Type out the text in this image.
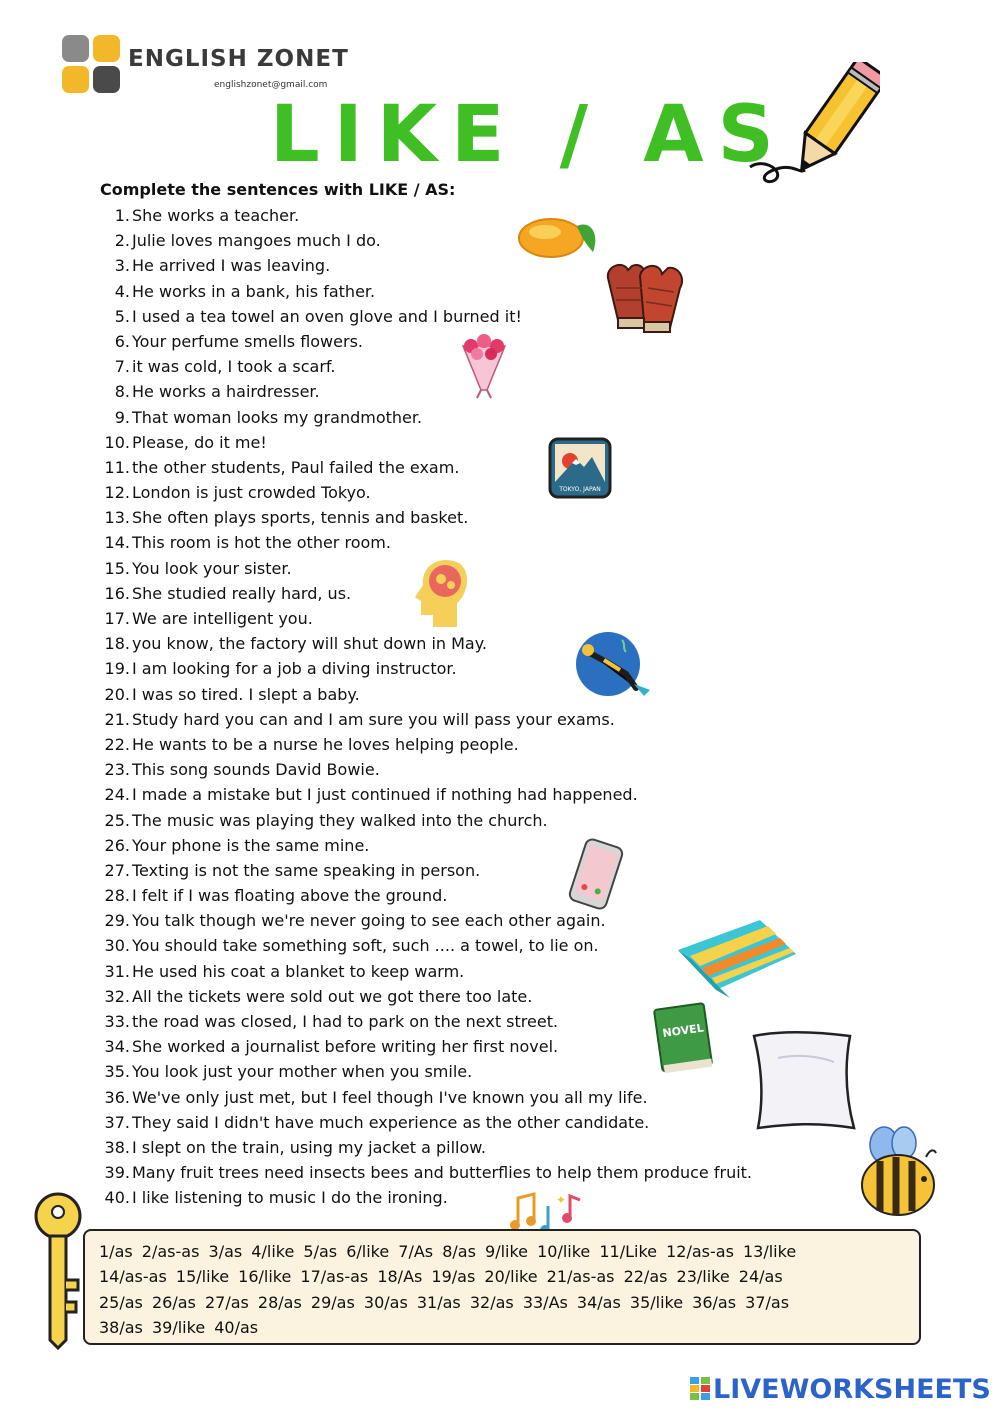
ENGLISH ZONET
englishzonet@gmail.com
LIKE / AS
Complete the sentences with LIKE / AS:
1. She works a teacher.
2. Julie loves mangoes much I do.
3. He arrived I was leaving.
4. He works in a bank, his father.
5. I used a tea towel an oven glove and I burned it!
6. Your perfume smells flowers.
7. it was cold, I took a scarf.
8. He works a hairdresser.
9. That woman looks my grandmother.
10. Please, do it me!
11. the other students, Paul failed the exam.
12. London is just crowded Tokyo.
13. She often plays sports, tennis and basket.
14. This room is hot the other room.
15. You look your sister.
16. She studied really hard, us.
17. We are intelligent you.
18. you know, the factory will shut down in May.
19. I am looking for a job a diving instructor.
20. I was so tired. I slept a baby.
21. Study hard you can and I am sure you will pass your exams.
22. He wants to be a nurse he loves helping people.
23. This song sounds David Bowie.
24. I made a mistake but I just continued if nothing had happened.
25. The music was playing they walked into the church.
26. Your phone is the same mine.
27. Texting is not the same speaking in person.
28. I felt if I was floating above the ground.
29. You talk though we're never going to see each other again.
30. You should take something soft, such .... a towel, to lie on.
31. He used his coat a blanket to keep warm.
32. All the tickets were sold out we got there too late.
33. the road was closed, I had to park on the next street.
34. She worked a journalist before writing her first novel.
35. You look just your mother when you smile.
36. We've only just met, but I feel though I've known you all my life.
37. They said I didn't have much experience as the other candidate.
38. I slept on the train, using my jacket a pillow.
39. Many fruit trees need insects bees and butterflies to help them produce fruit.
40. I like listening to music I do the ironing.
TOKYO, JAPAN
NOVEL
✦
1/as 2/as-as 3/as 4/like 5/as 6/like 7/As 8/as 9/like 10/like 11/Like 12/as-as 13/like
14/as-as 15/like 16/like 17/as-as 18/As 19/as 20/like 21/as-as 22/as 23/like 24/as
25/as 26/as 27/as 28/as 29/as 30/as 31/as 32/as 33/As 34/as 35/like 36/as 37/as
38/as 39/like 40/as
LIVEWORKSHEETS
